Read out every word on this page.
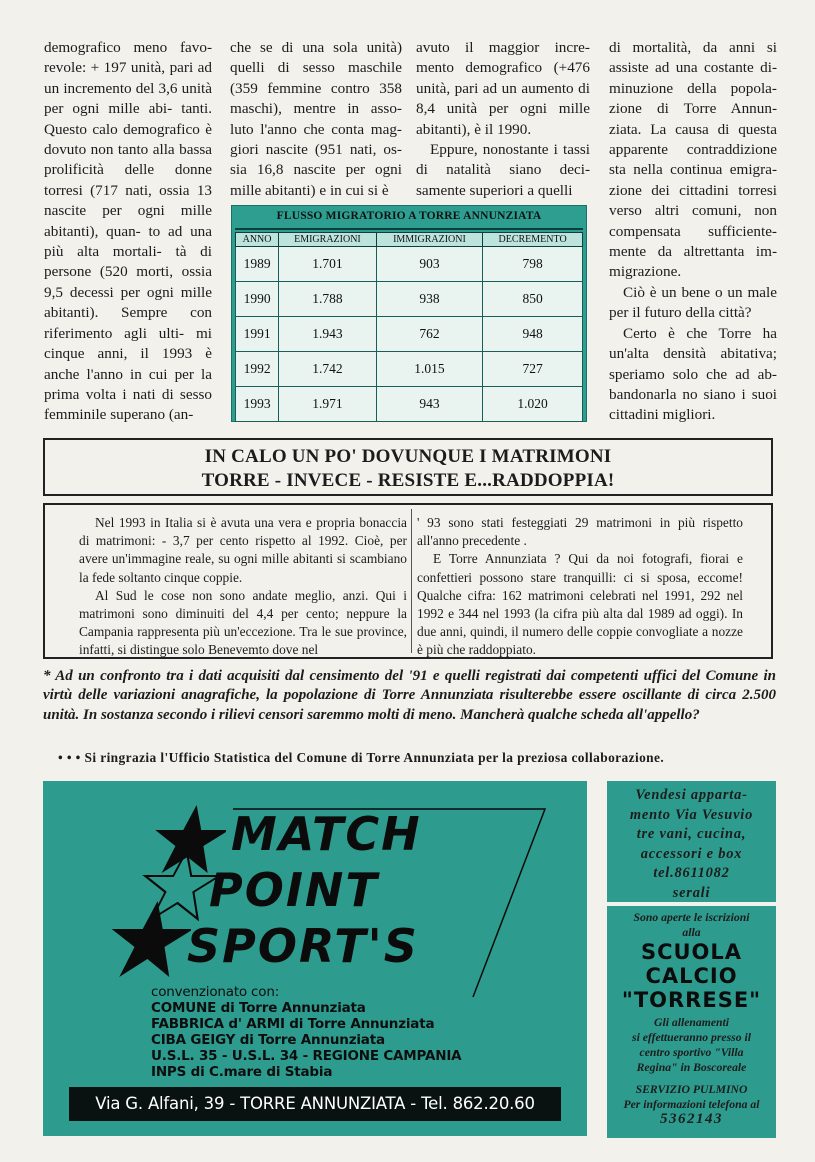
demografico meno favo- revole: + 197 unità, pari ad un incremento del 3,6 unità per ogni mille abi- tanti. Questo calo demografico è dovuto non tanto alla bassa prolificità delle donne torresi (717 nati, ossia 13 nascite per ogni mille abitanti), quan- to ad una più alta mortali- tà di persone (520 morti, ossia 9,5 decessi per ogni mille abitanti). Sempre con riferimento agli ulti- mi cinque anni, il 1993 è anche l'anno in cui per la prima volta i nati di sesso femminile superano (an-

che se di una sola unità) quelli di sesso maschile (359 femmine contro 358 maschi), mentre in asso- luto l'anno che conta mag- giori nascite (951 nati, os- sia 16,8 nascite per ogni mille abitanti) e in cui si è

avuto il maggior incre- mento demografico (+476 unità, pari ad un aumento di 8,4 unità per ogni mille abitanti), è il 1990.

Eppure, nonostante i tassi di natalità siano deci- samente superiori a quelli

di mortalità, da anni si assiste ad una costante di- minuzione della popola- zione di Torre Annun- ziata. La causa di questa apparente contraddizione sta nella continua emigra- zione dei cittadini torresi verso altri comuni, non compensata sufficiente- mente da altrettanta im- migrazione.

Ciò è un bene o un male per il futuro della città?

Certo è che Torre ha un'alta densità abitativa; speriamo solo che ad ab- bandonarla no siano i suoi cittadini migliori.

FLUSSO MIGRATORIO A TORRE ANNUNZIATA
ANNO	EMIGRAZIONI	IMMIGRAZIONI	DECREMENTO
1989	1.701	903	798
1990	1.788	938	850
1991	1.943	762	948
1992	1.742	1.015	727
1993	1.971	943	1.020
IN CALO UN PO' DOVUNQUE I MATRIMONI
TORRE - INVECE - RESISTE E...RADDOPPIA!

Nel 1993 in Italia si è avuta una vera e propria bonaccia di matrimoni: - 3,7 per cento rispetto al 1992. Cioè, per avere un'immagine reale, su ogni mille abitanti si scambiano la fede soltanto cinque coppie.

Al Sud le cose non sono andate meglio, anzi. Qui i matrimoni sono diminuiti del 4,4 per cento; neppure la Campania rappresenta più un'eccezione. Tra le sue province, infatti, si distingue solo Benevemto dove nel

' 93 sono stati festeggiati 29 matrimoni in più rispetto all'anno precedente .

E Torre Annunziata ? Qui da noi fotografi, fiorai e confettieri possono stare tranquilli: ci si sposa, eccome! Qualche cifra: 162 matrimoni celebrati nel 1991, 292 nel 1992 e 344 nel 1993 (la cifra più alta dal 1989 ad oggi). In due anni, quindi, il numero delle coppie convogliate a nozze è più che raddoppiato.

* Ad un confronto tra i dati acquisiti dal censimento del '91 e quelli registrati dai competenti uffici del Comune in virtù delle variazioni anagrafiche, la popolazione di Torre Annunziata risulterebbe essere oscillante di circa 2.500 unità. In sostanza secondo i rilievi censori saremmo molti di meno. Mancherà qualche scheda all'appello?

• • • Si ringrazia l'Ufficio Statistica del Comune di Torre Annunziata per la preziosa collaborazione.

MATCH
POINT
SPORT'S
convenzionato con:
COMUNE di Torre Annunziata
FABBRICA d' ARMI di Torre Annunziata
CIBA GEIGY di Torre Annunziata
U.S.L. 35 - U.S.L. 34 - REGIONE CAMPANIA
INPS di C.mare di Stabia
Via G. Alfani, 39 - TORRE ANNUNZIATA - Tel. 862.20.60
Vendesi apparta-
mento Via Vesuvio
tre vani, cucina,
accessori e box
tel.8611082
serali
Sono aperte le iscrizioni
alla
SCUOLA
CALCIO
"TORRESE"
Gli allenamenti
si effettueranno presso il
centro sportivo "Villa
Regina" in Boscoreale
SERVIZIO PULMINO
Per informazioni telefona al
5362143
